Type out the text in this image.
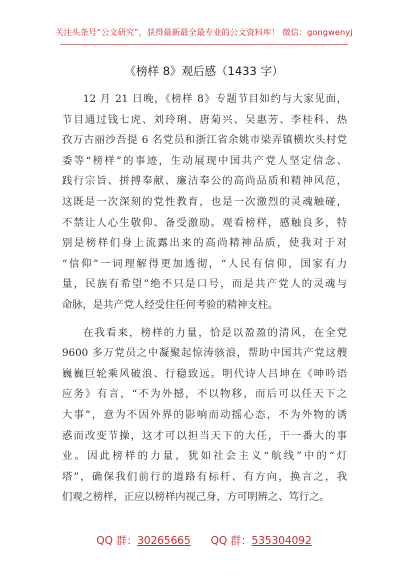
关注头条号“公文研究”，获得最新最全最专业的公文资料库！ 微信：gongwenyj
《榜样 8》观后感（1433 字）
12 月 21 日晚，《榜样 8》专题节目如约与大家见面，
节目通过钱七虎、刘玲琍、唐菊兴、吴惠芳、李桂科、热
孜万古丽沙吾提 6 名党员和浙江省余姚市梁弄镇横坎头村党
委等“榜样”的事迹，生动展现中国共产党人坚定信念、
践行宗旨、拼搏奉献、廉洁奉公的高尚品质和精神风范，
这既是一次深刻的党性教育，也是一次激烈的灵魂触碰，
不禁让人心生敬仰、备受激励。观看榜样，感触良多，特
别是榜样们身上流露出来的高尚精神品质，使我对于对
“信仰”一词理解得更加透彻，“人民有信仰，国家有力
量，民族有希望”绝不只是口号，而是共产党人的灵魂与
命脉，是共产党人经受住任何考验的精神支柱。
在我看来，榜样的力量，恰是以盈盈的清风，在全党
9600 多万党员之中凝聚起惊涛骇浪，帮助中国共产党这艘
巍巍巨轮乘风破浪、行稳致远。明代诗人吕坤在《呻吟语
应务》有言，“不为外撼，不以物移，而后可以任天下之
大事”，意为不因外界的影响而动摇心态，不为外物的诱
惑而改变节操，这才可以担当天下的大任，干一番大的事
业。因此榜样的力量，犹如社会主义“航线”中的“灯
塔”，确保我们前行的道路有标杆、有方向，换言之，我
们观之榜样，正应以榜样内视己身，方可明辨之、笃行之。
QQ 群：30265665 QQ 群：535304092
